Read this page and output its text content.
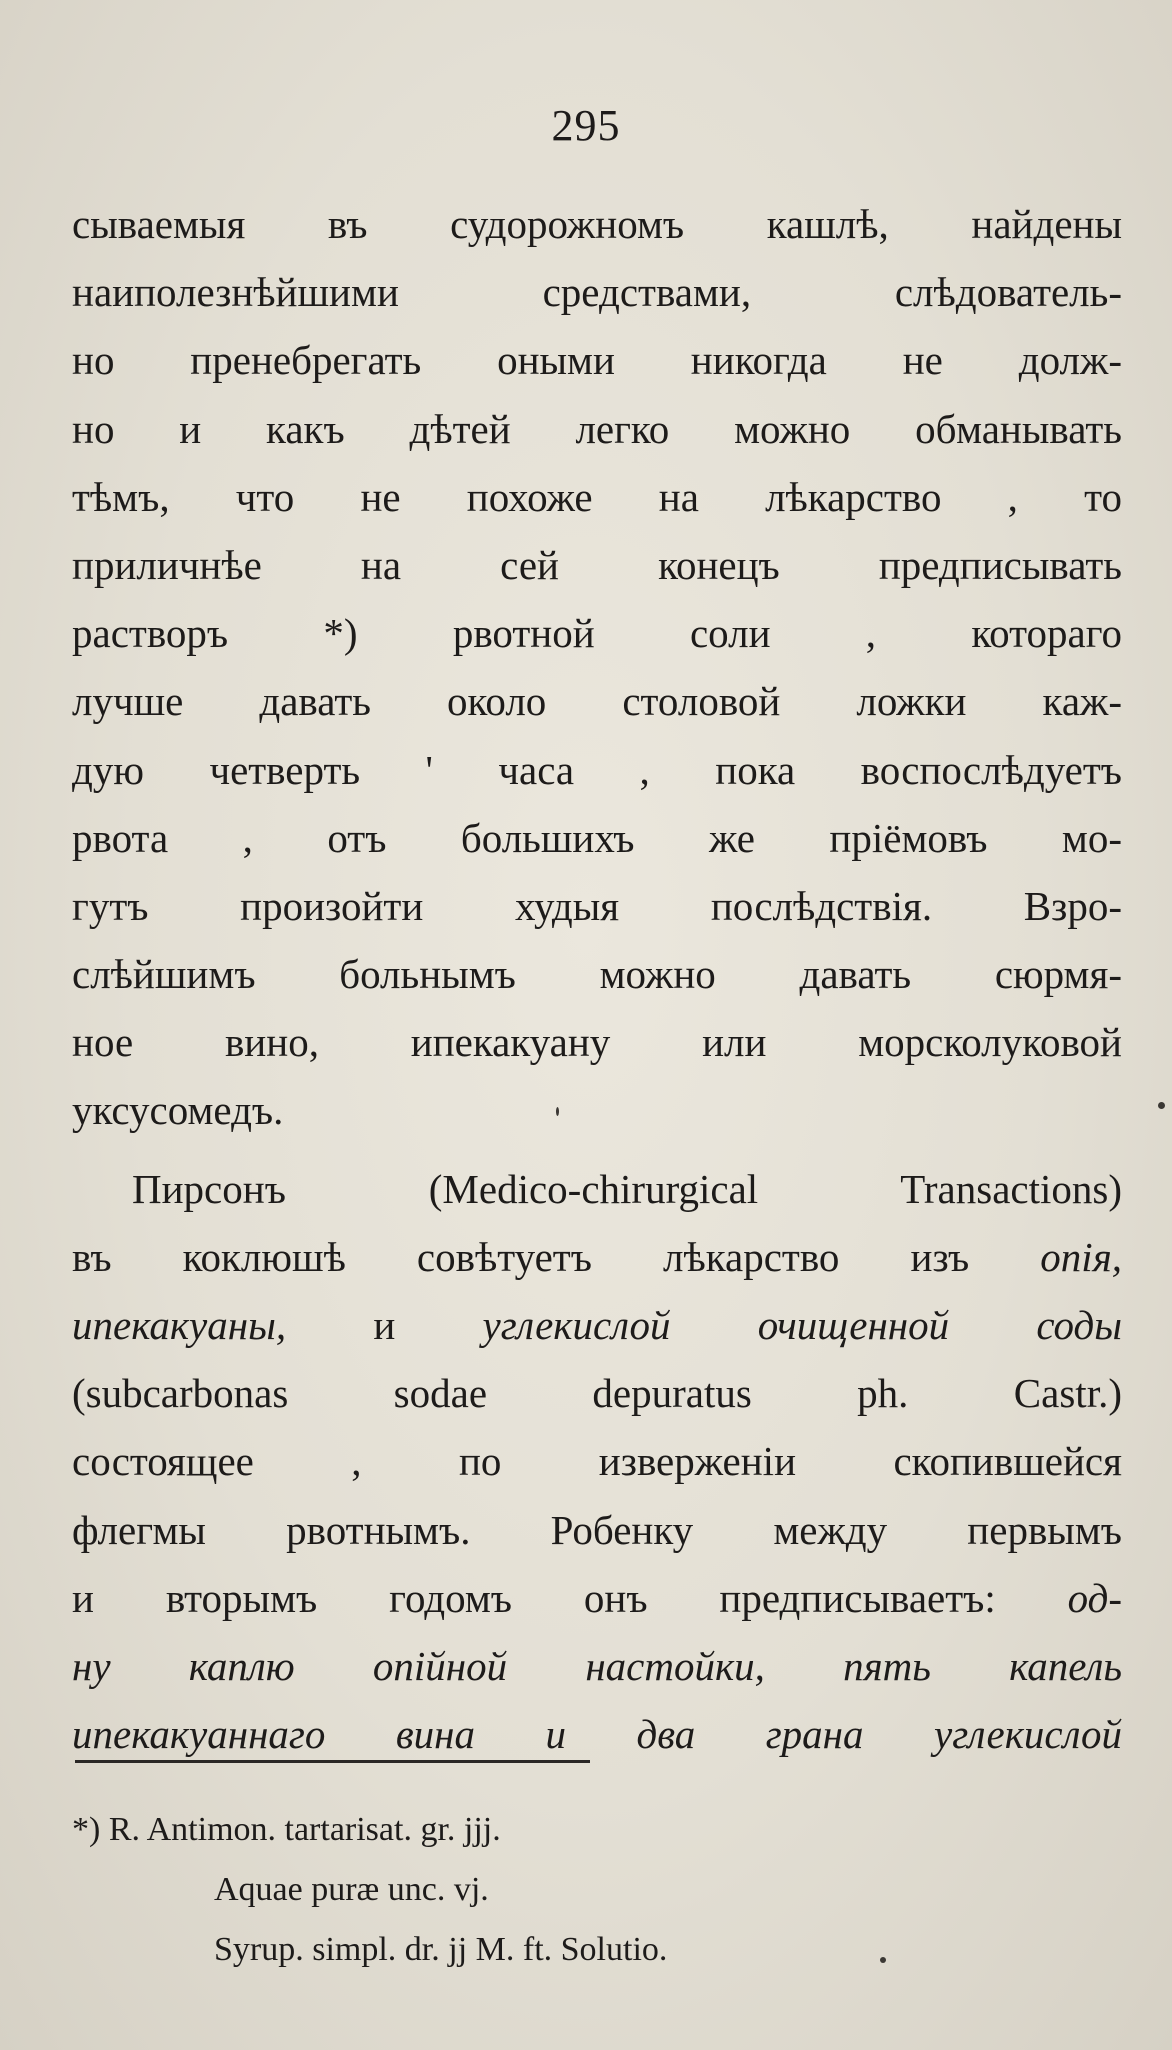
295
сываемыя въ судорожномъ кашлѣ, найдены
наиполезнѣйшими средствами, слѣдователь-
но пренебрегать оными никогда не долж-
но и какъ дѣтей легко можно обманывать
тѣмъ, что не похоже на лѣкарство , то
приличнѣе на сей конецъ предписывать
растворъ *) рвотной соли , котораго
лучше давать около столовой ложки каж-
дую четверть ' часа , пока воспослѣдуетъ
рвота , отъ большихъ же пріёмовъ мо-
гутъ произойти худыя послѣдствія. Взро-
слѣйшимъ больнымъ можно давать сюрмя-
ное вино, ипекакуану или морсколуковой
уксусомедъ.
Пирсонъ (Medico-chirurgical Transactions)
въ коклюшѣ совѣтуетъ лѣкарство изъ опія,
ипекакуаны, и углекислой очищенной соды
(subcarbonas sodae depuratus ph. Castr.)
состоящее , по изверженіи скопившейся
флегмы рвотнымъ. Робенку между первымъ
и вторымъ годомъ онъ предписываетъ: од-
ну каплю опійной настойки, пять капель
ипекакуаннаго вина и два грана углекислой
*) R. Antimon. tartarisat. gr. jjj.
Aquae puræ unc. vj.
Syrup. simpl. dr. jj M. ft. Solutio.
